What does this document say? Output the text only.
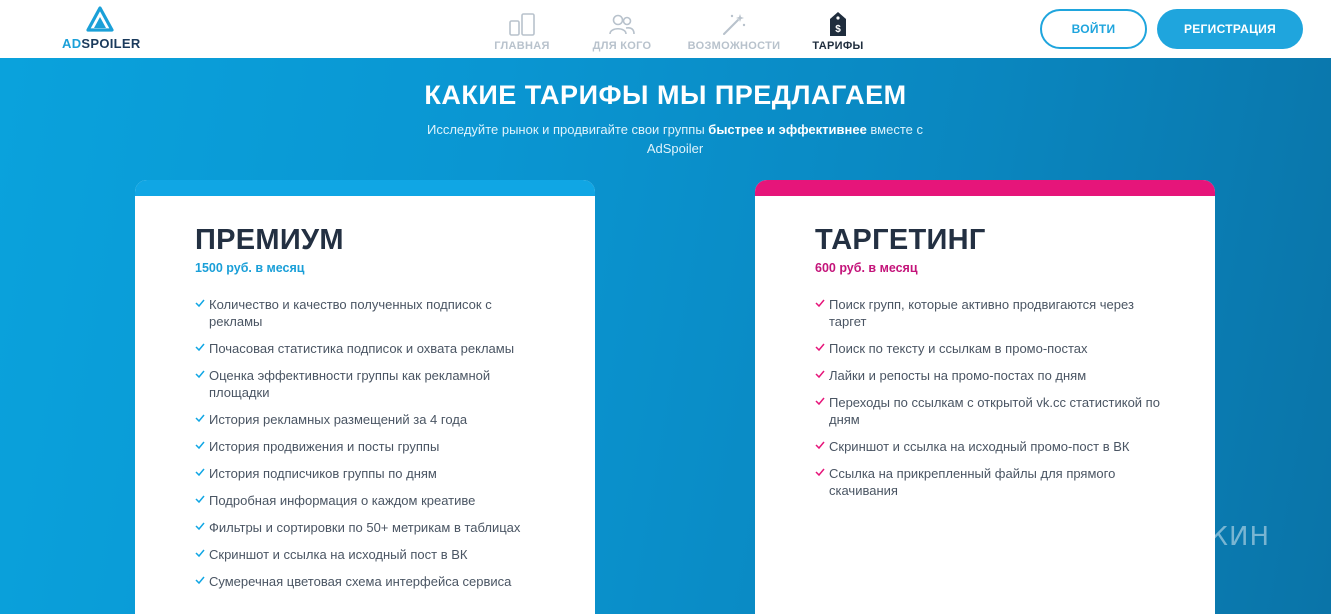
ADSPOILER	ГЛАВНАЯ	ДЛЯ КОГО	ВОЗМОЖНОСТИ
$
ТАРИФЫ
ВОЙТИ	РЕГИСТРАЦИЯ
КАКИЕ ТАРИФЫ МЫ ПРЕДЛАГАЕМ
Исследуйте рынок и продвигайте свои группы быстрее и эффективнее вместе с AdSpoiler
ПРЕМИУМ
1500 руб. в месяц
Количество и качество полученных подписок с рекламы
Почасовая статистика подписок и охвата рекламы
Оценка эффективности группы как рекламной площадки
История рекламных размещений за 4 года
История продвижения и посты группы
История подписчиков группы по дням
Подробная информация о каждом креативе
Фильтры и сортировки по 50+ метрикам в таблицах
Скриншот и ссылка на исходный пост в ВК
Сумеречная цветовая схема интерфейса сервиса
ТАРГЕТИНГ
600 руб. в месяц
Поиск групп, которые активно продвигаются через таргет
Поиск по тексту и ссылкам в промо-постах
Лайки и репосты на промо-постах по дням
Переходы по ссылкам с открытой vk.cc статистикой по дням
Скриншот и ссылка на исходный промо-пост в ВК
Ссылка на прикрепленный файлы для прямого скачивания
ПАРТНЕРКИН
